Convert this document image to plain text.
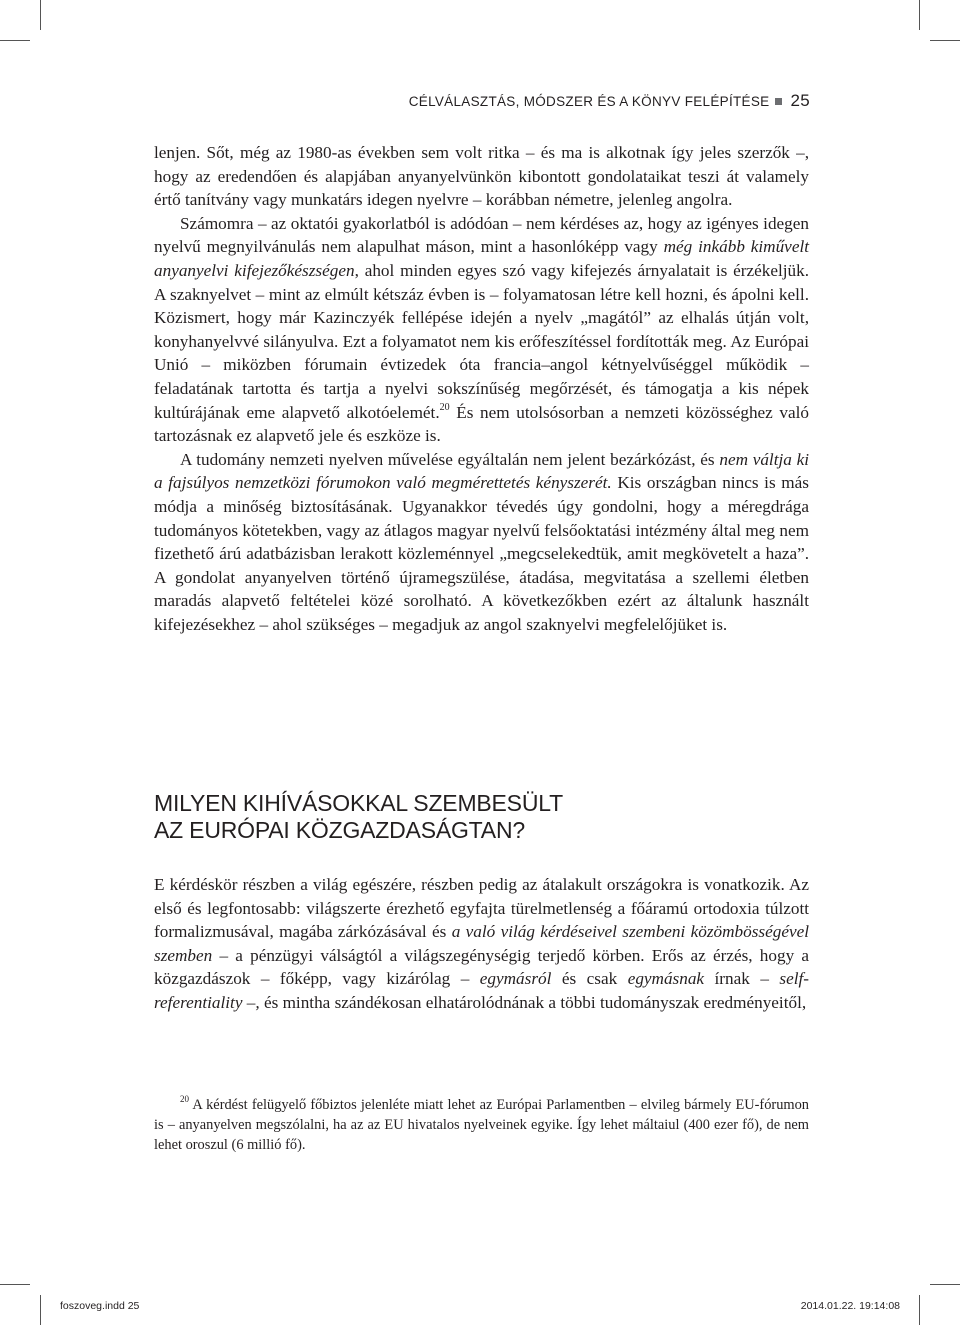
CÉLVÁLASZTÁS, MÓDSZER ÉS A KÖNYV FELÉPÍTÉSE 25

lenjen. Sőt, még az 1980-as években sem volt ritka – és ma is alkotnak így jeles szerzők –, hogy az eredendően és alapjában anyanyelvünkön kibontott gondolataikat teszi át valamely értő tanítvány vagy munkatárs idegen nyelvre – korábban németre, jelenleg angolra.

Számomra – az oktatói gyakorlatból is adódóan – nem kérdéses az, hogy az igényes idegen nyelvű megnyilvánulás nem alapulhat máson, mint a hasonlóképp vagy még inkább kiművelt anyanyelvi kifejezőkészségen, ahol minden egyes szó vagy kifejezés árnyalatait is érzékeljük. A szaknyelvet – mint az elmúlt kétszáz évben is – folyamatosan létre kell hozni, és ápolni kell. Közismert, hogy már Kazinczyék fellépése idején a nyelv „magától” az elhalás útján volt, konyhanyelvvé silányulva. Ezt a folyamatot nem kis erőfeszítéssel fordították meg. Az Európai Unió – miközben fórumain évtizedek óta francia–angol kétnyelvűséggel működik – feladatának tartotta és tartja a nyelvi sokszínűség megőrzését, és támogatja a kis népek kultúrájának eme alapvető alkotóelemét.$^{20}$ És nem utolsósorban a nemzeti közösséghez való tartozásnak ez alapvető jele és eszköze is.

A tudomány nemzeti nyelven művelése egyáltalán nem jelent bezárkózást, és nem váltja ki a fajsúlyos nemzetközi fórumokon való megmérettetés kényszerét. Kis országban nincs is más módja a minőség biztosításának. Ugyanakkor tévedés úgy gondolni, hogy a méregdrága tudományos kötetekben, vagy az átlagos magyar nyelvű felsőoktatási intézmény által meg nem fizethető árú adatbázisban lerakott közleménnyel „megcselekedtük, amit megkövetelt a haza”. A gondolat anyanyelven történő újramegszülése, átadása, megvitatása a szellemi életben maradás alapvető feltételei közé sorolható. A következőkben ezért az általunk használt kifejezésekhez – ahol szükséges – megadjuk az angol szaknyelvi megfelelőjüket is.

MILYEN KIHÍVÁSOKKAL SZEMBESÜLT
AZ EURÓPAI KÖZGAZDASÁGTAN?

E kérdéskör részben a világ egészére, részben pedig az átalakult országokra is vonatkozik. Az első és legfontosabb: világszerte érezhető egyfajta türelmetlenség a főáramú ortodoxia túlzott formalizmusával, magába zárkózásával és a való világ kérdéseivel szembeni közömbösségével szemben – a pénzügyi válságtól a világszegénységig terjedő körben. Erős az érzés, hogy a közgazdászok – főképp, vagy kizárólag – egymásról és csak egymásnak írnak – self-referentiality –, és mintha szándékosan elhatárolódnának a többi tudományszak eredményeitől,

$^{20}$ A kérdést felügyelő főbiztos jelenléte miatt lehet az Európai Parlamentben – elvileg bármely EU-fórumon is – anyanyelven megszólalni, ha az az EU hivatalos nyelveinek egyike. Így lehet máltaiul (400 ezer fő), de nem lehet oroszul (6 millió fő).

foszoveg.indd 25	2014.01.22. 19:14:08
